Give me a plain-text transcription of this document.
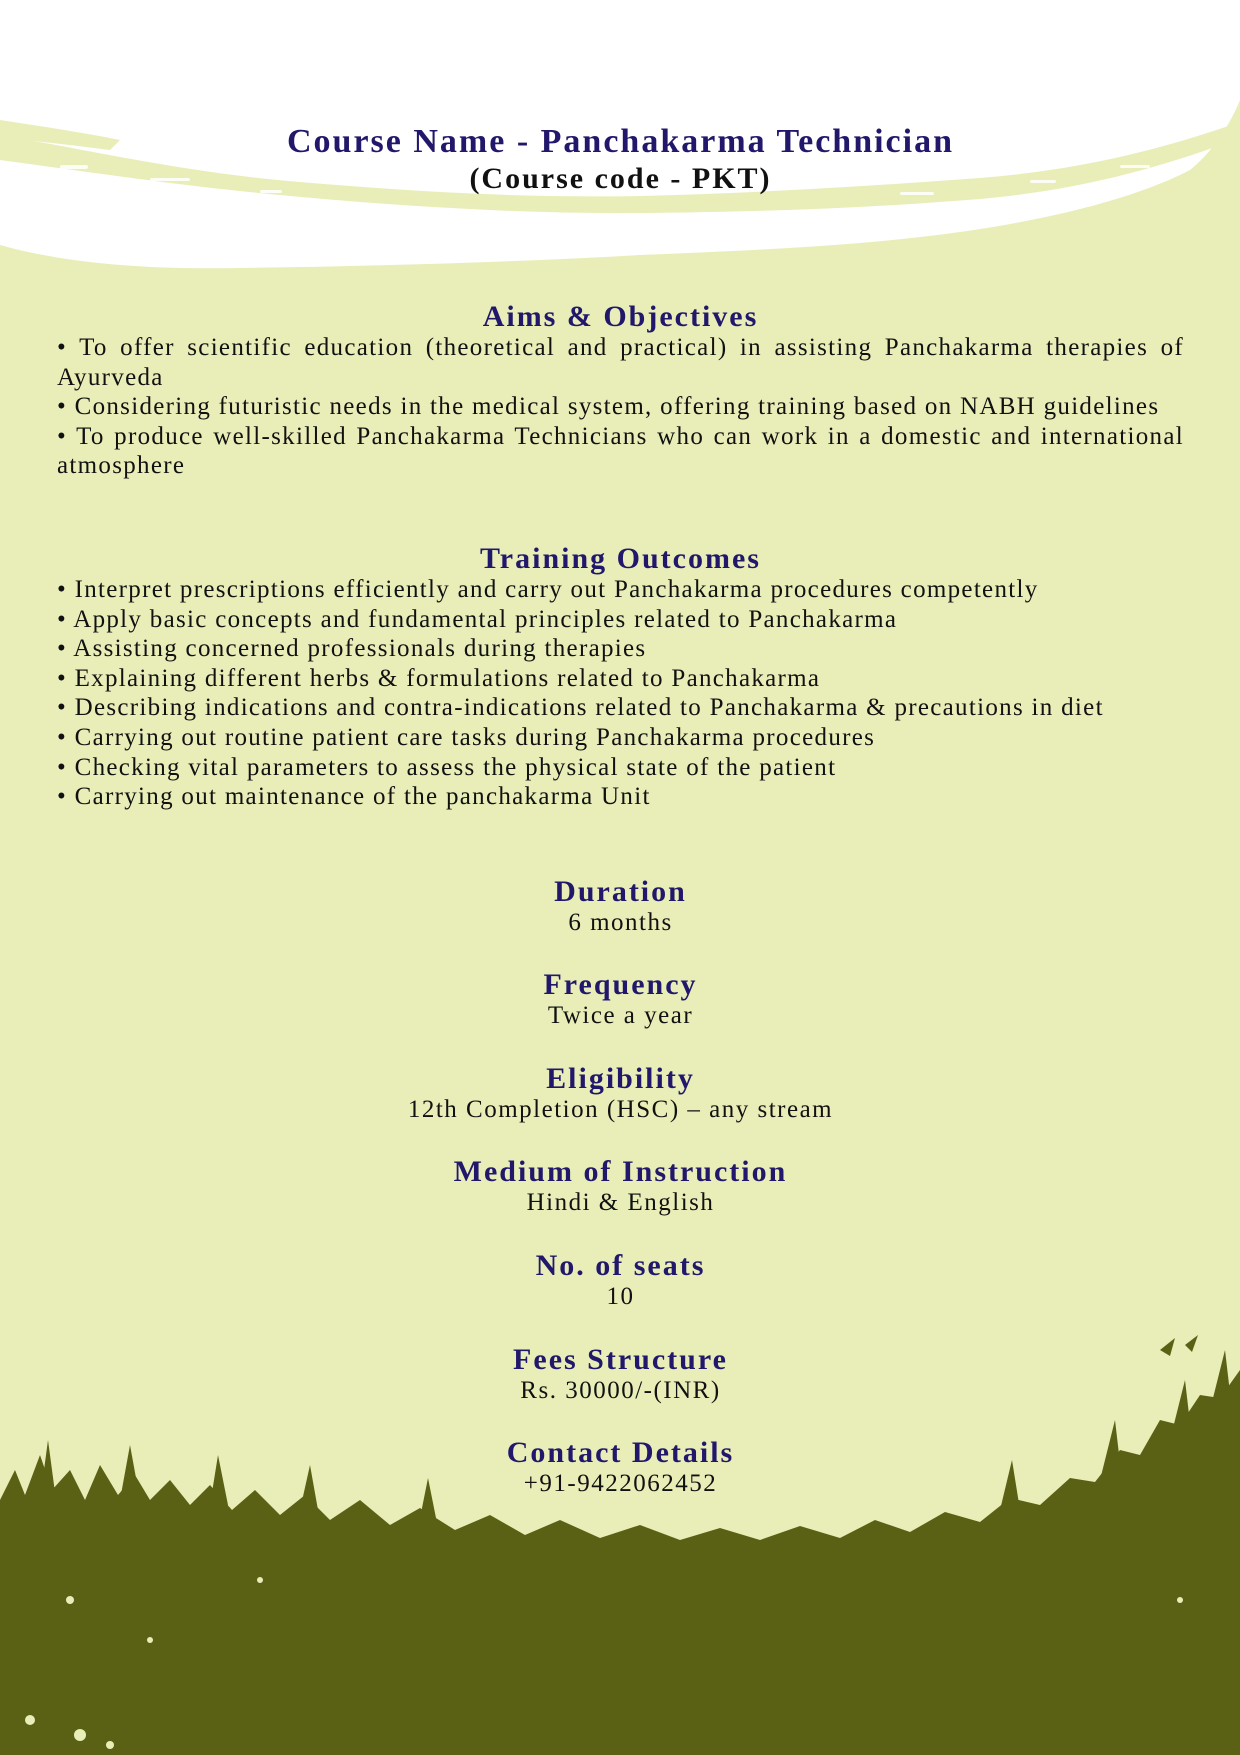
Course Name - Panchakarma Technician
(Course code - PKT)
Aims & Objectives
• To offer scientific education (theoretical and practical) in assisting Panchakarma therapies of Ayurveda
• Considering futuristic needs in the medical system, offering training based on NABH guidelines
• To produce well-skilled Panchakarma Technicians who can work in a domestic and international atmosphere
Training Outcomes
• Interpret prescriptions efficiently and carry out Panchakarma procedures competently
• Apply basic concepts and fundamental principles related to Panchakarma
• Assisting concerned professionals during therapies
• Explaining different herbs & formulations related to Panchakarma
• Describing indications and contra-indications related to Panchakarma & precautions in diet
• Carrying out routine patient care tasks during Panchakarma procedures
• Checking vital parameters to assess the physical state of the patient
• Carrying out maintenance of the panchakarma Unit
Duration
6 months
Frequency
Twice a year
Eligibility
12th Completion (HSC) – any stream
Medium of Instruction
Hindi & English
No. of seats
10
Fees Structure
Rs. 30000/-(INR)
Contact Details
+91-9422062452
